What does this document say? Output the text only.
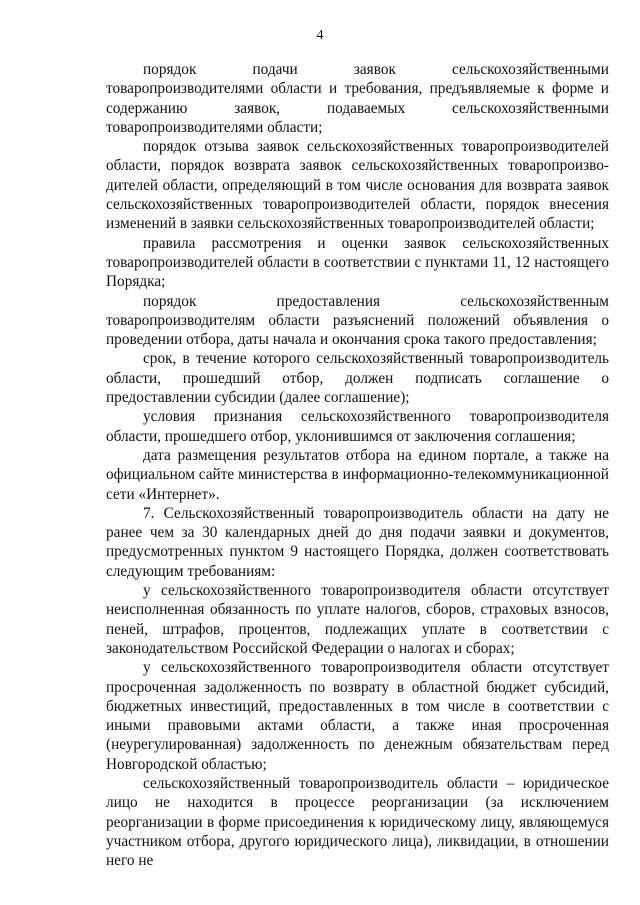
4

порядок подачи заявок сельскохозяйственными товаропроизводителями области и требования, предъявляемые к форме и содержанию заявок, подаваемых сельскохозяйственными товаропроизводителями области;

порядок отзыва заявок сельскохозяйственных товаропроизводителей области, порядок возврата заявок сельскохозяйственных товаропроизводителей области, определяющий в том числе основания для возврата заявок сельскохозяйственных товаропроизводителей области, порядок внесения изменений в заявки сельскохозяйственных товаропроизводителей области;

правила рассмотрения и оценки заявок сельскохозяйственных товаропроизводителей области в соответствии с пунктами 11, 12 настоящего Порядка;

порядок предоставления сельскохозяйственным товаропроизводителям области разъяснений положений объявления о проведении отбора, даты начала и окончания срока такого предоставления;

срок, в течение которого сельскохозяйственный товаропроизводитель области, прошедший отбор, должен подписать соглашение о предоставлении субсидии (далее соглашение);

условия признания сельскохозяйственного товаропроизводителя области, прошедшего отбор, уклонившимся от заключения соглашения;

дата размещения результатов отбора на едином портале, а также на официальном сайте министерства в информационно-телекоммуникационной сети «Интернет».

7. Сельскохозяйственный товаропроизводитель области на дату не ранее чем за 30 календарных дней до дня подачи заявки и документов, предусмотренных пунктом 9 настоящего Порядка, должен соответствовать следующим требованиям:

у сельскохозяйственного товаропроизводителя области отсутствует неисполненная обязанность по уплате налогов, сборов, страховых взносов, пеней, штрафов, процентов, подлежащих уплате в соответствии с законодательством Российской Федерации о налогах и сборах;

у сельскохозяйственного товаропроизводителя области отсутствует просроченная задолженность по возврату в областной бюджет субсидий, бюджетных инвестиций, предоставленных в том числе в соответствии с иными правовыми актами области, а также иная просроченная (неурегулированная) задолженность по денежным обязательствам перед Новгородской областью;

сельскохозяйственный товаропроизводитель области – юридическое лицо не находится в процессе реорганизации (за исключением реорганизации в форме присоединения к юридическому лицу, являющемуся участником отбора, другого юридического лица), ликвидации, в отношении него не
